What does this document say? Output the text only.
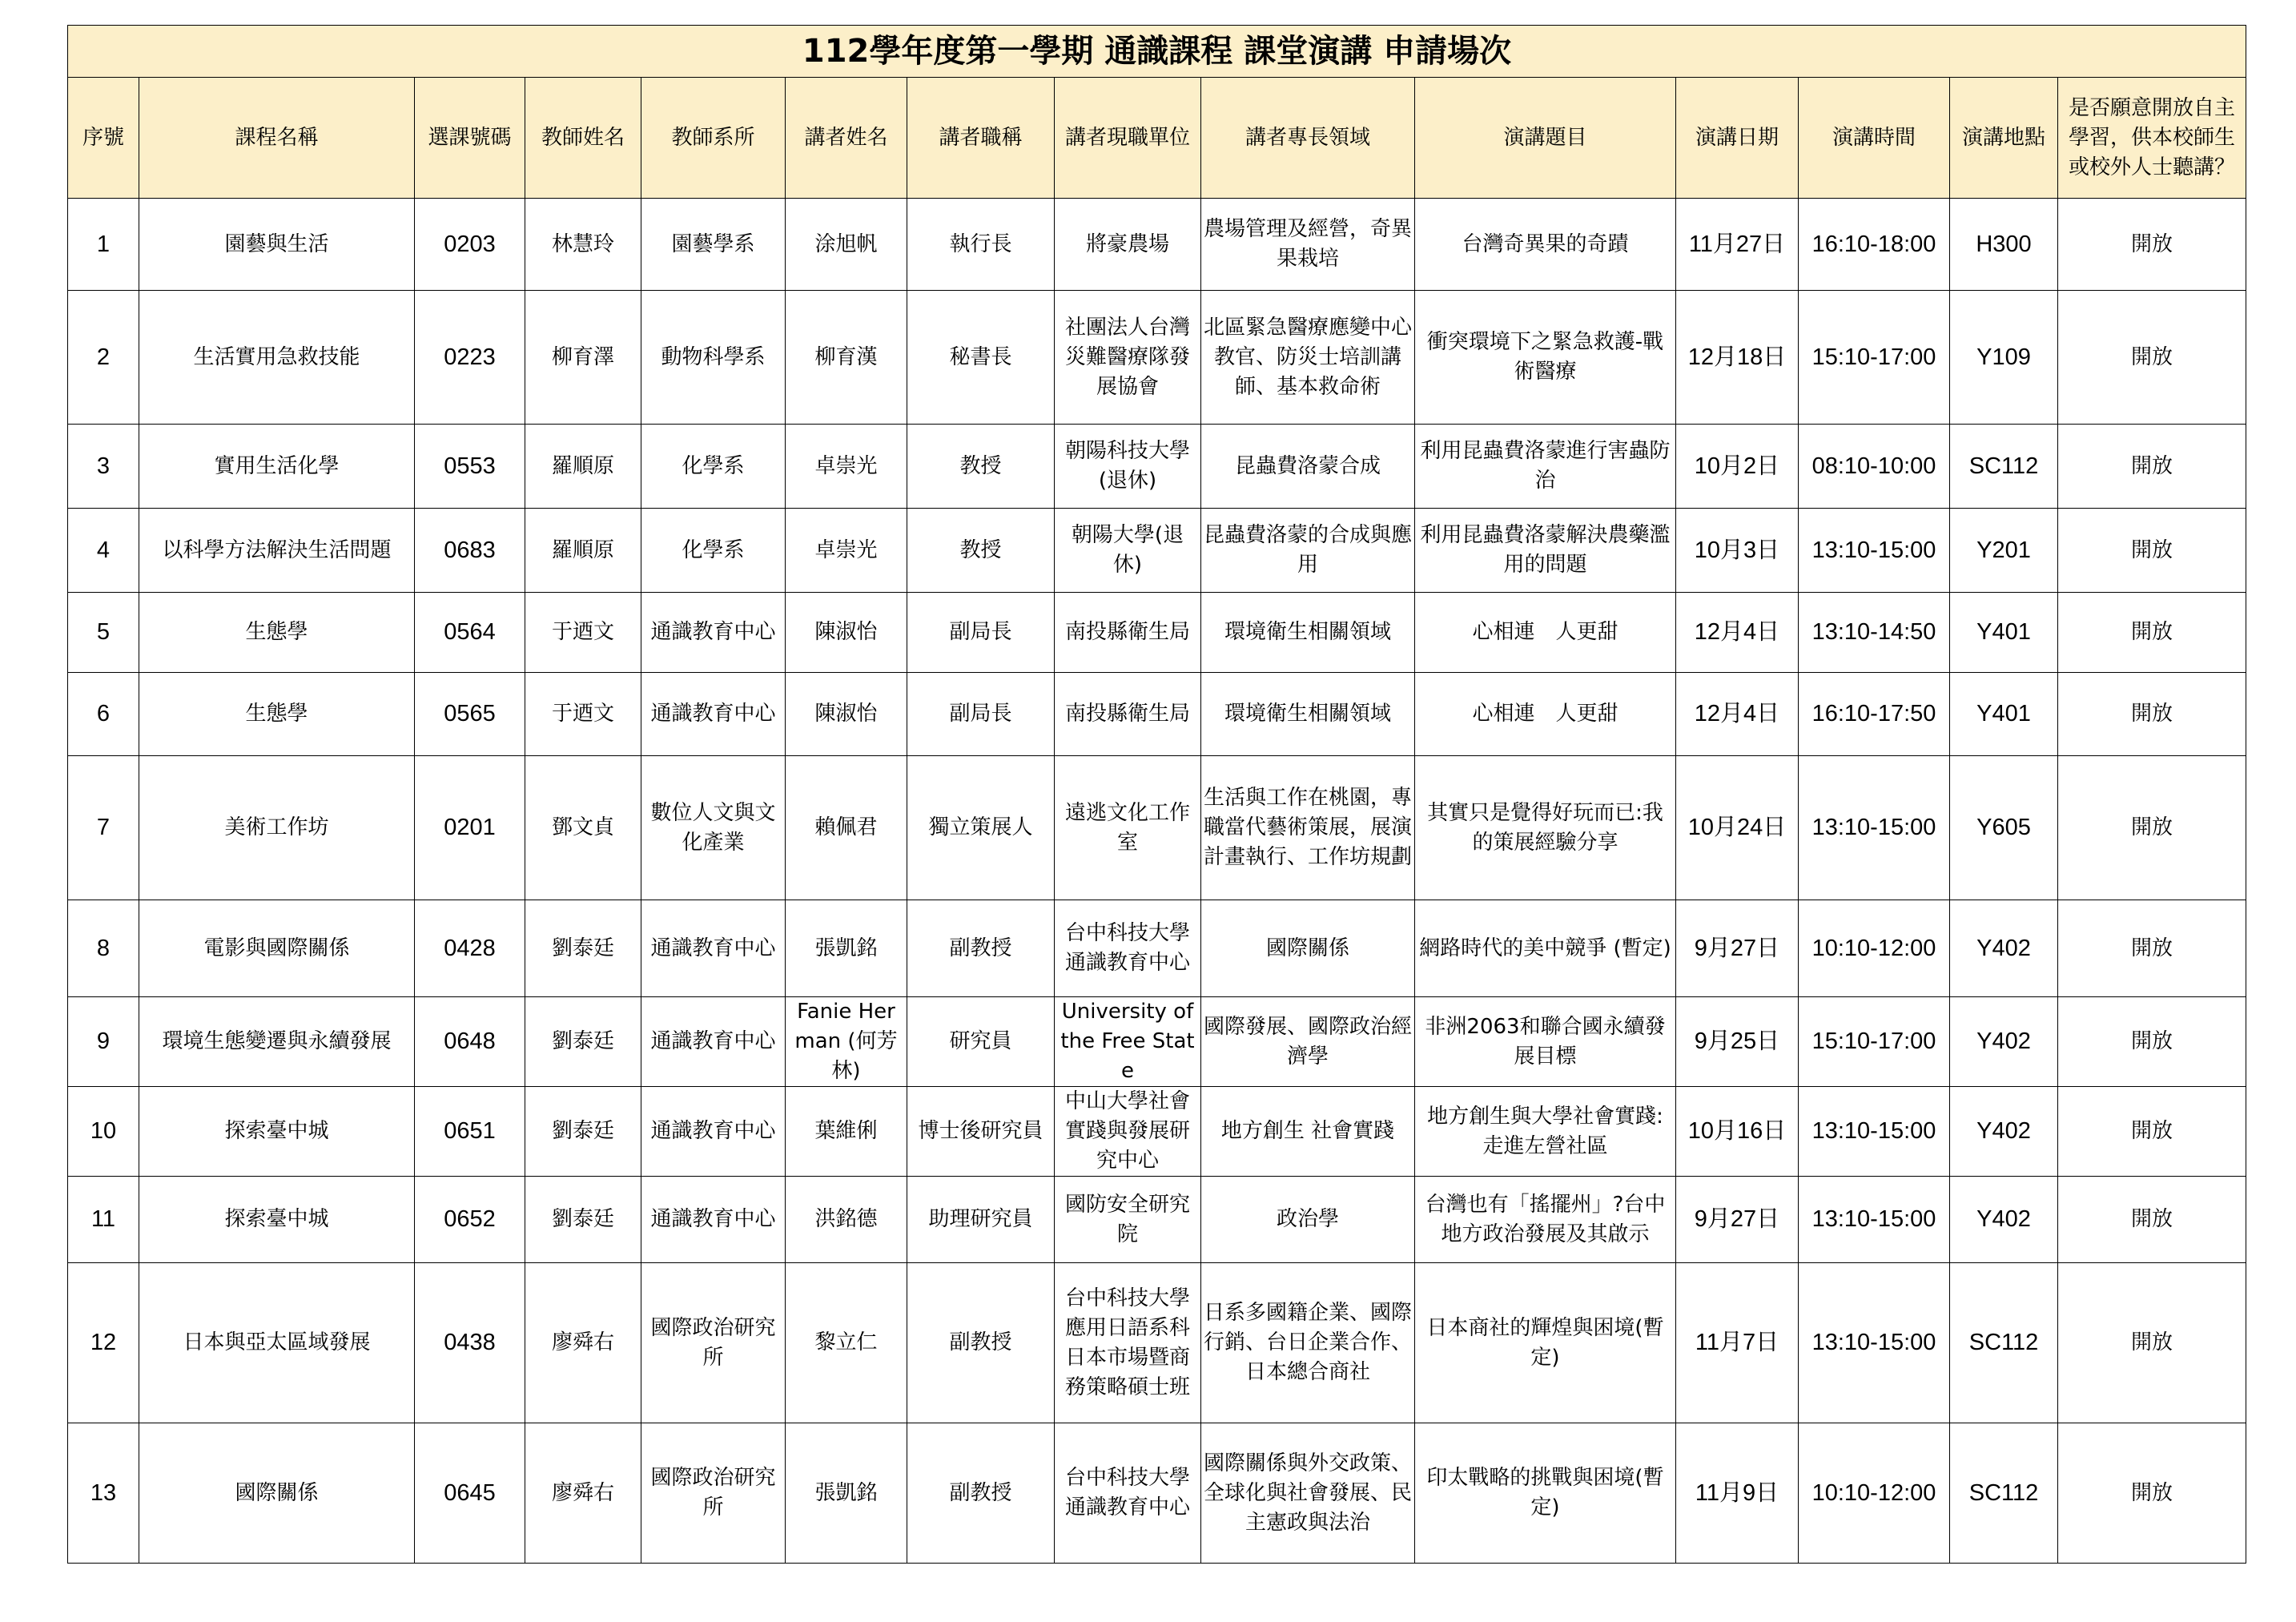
112學年度第一學期 通識課程 課堂演講 申請場次													
序號	課程名稱	選課號碼	教師姓名	教師系所	講者姓名	講者職稱	講者現職單位	講者專長領域	演講題目	演講日期	演講時間	演講地點	是否願意開放自主學習，供本校師生或校外人士聽講？
1	園藝與生活	0203	林慧玲	園藝學系	涂旭帆	執行長	將豪農場	農場管理及經營，奇異果栽培	台灣奇異果的奇蹟	11月27日	16:10-18:00	H300	開放
2	生活實用急救技能	0223	柳育澤	動物科學系	柳育漢	秘書長	社團法人台灣災難醫療隊發展協會	北區緊急醫療應變中心教官、防災士培訓講師、基本救命術	衝突環境下之緊急救護-戰術醫療	12月18日	15:10-17:00	Y109	開放
3	實用生活化學	0553	羅順原	化學系	卓崇光	教授	朝陽科技大學(退休)	昆蟲費洛蒙合成	利用昆蟲費洛蒙進行害蟲防治	10月2日	08:10-10:00	SC112	開放
4	以科學方法解決生活問題	0683	羅順原	化學系	卓崇光	教授	朝陽大學(退休)	昆蟲費洛蒙的合成與應用	利用昆蟲費洛蒙解決農藥濫用的問題	10月3日	13:10-15:00	Y201	開放
5	生態學	0564	于迺文	通識教育中心	陳淑怡	副局長	南投縣衛生局	環境衛生相關領域	心相連　人更甜	12月4日	13:10-14:50	Y401	開放
6	生態學	0565	于迺文	通識教育中心	陳淑怡	副局長	南投縣衛生局	環境衛生相關領域	心相連　人更甜	12月4日	16:10-17:50	Y401	開放
7	美術工作坊	0201	鄧文貞	數位人文與文化產業	賴佩君	獨立策展人	遠逃文化工作室	生活與工作在桃園，專職當代藝術策展，展演計畫執行、工作坊規劃	其實只是覺得好玩而已:我的策展經驗分享	10月24日	13:10-15:00	Y605	開放
8	電影與國際關係	0428	劉泰廷	通識教育中心	張凱銘	副教授	台中科技大學通識教育中心	國際關係	網路時代的美中競爭 (暫定)	9月27日	10:10-12:00	Y402	開放
9	環境生態變遷與永續發展	0648	劉泰廷	通識教育中心	Fanie Herman (何芳林)	研究員	University of the Free State	國際發展、國際政治經濟學	非洲2063和聯合國永續發展目標	9月25日	15:10-17:00	Y402	開放
10	探索臺中城	0651	劉泰廷	通識教育中心	葉維俐	博士後研究員	中山大學社會實踐與發展研究中心	地方創生 社會實踐	地方創生與大學社會實踐:走進左營社區	10月16日	13:10-15:00	Y402	開放
11	探索臺中城	0652	劉泰廷	通識教育中心	洪銘德	助理研究員	國防安全研究院	政治學	台灣也有「搖擺州」?台中地方政治發展及其啟示	9月27日	13:10-15:00	Y402	開放
12	日本與亞太區域發展	0438	廖舜右	國際政治研究所	黎立仁	副教授	台中科技大學應用日語系科日本市場暨商務策略碩士班	日系多國籍企業、國際行銷、台日企業合作、日本總合商社	日本商社的輝煌與困境(暫定)	11月7日	13:10-15:00	SC112	開放
13	國際關係	0645	廖舜右	國際政治研究所	張凱銘	副教授	台中科技大學通識教育中心	國際關係與外交政策、全球化與社會發展、民主憲政與法治	印太戰略的挑戰與困境(暫定)	11月9日	10:10-12:00	SC112	開放
